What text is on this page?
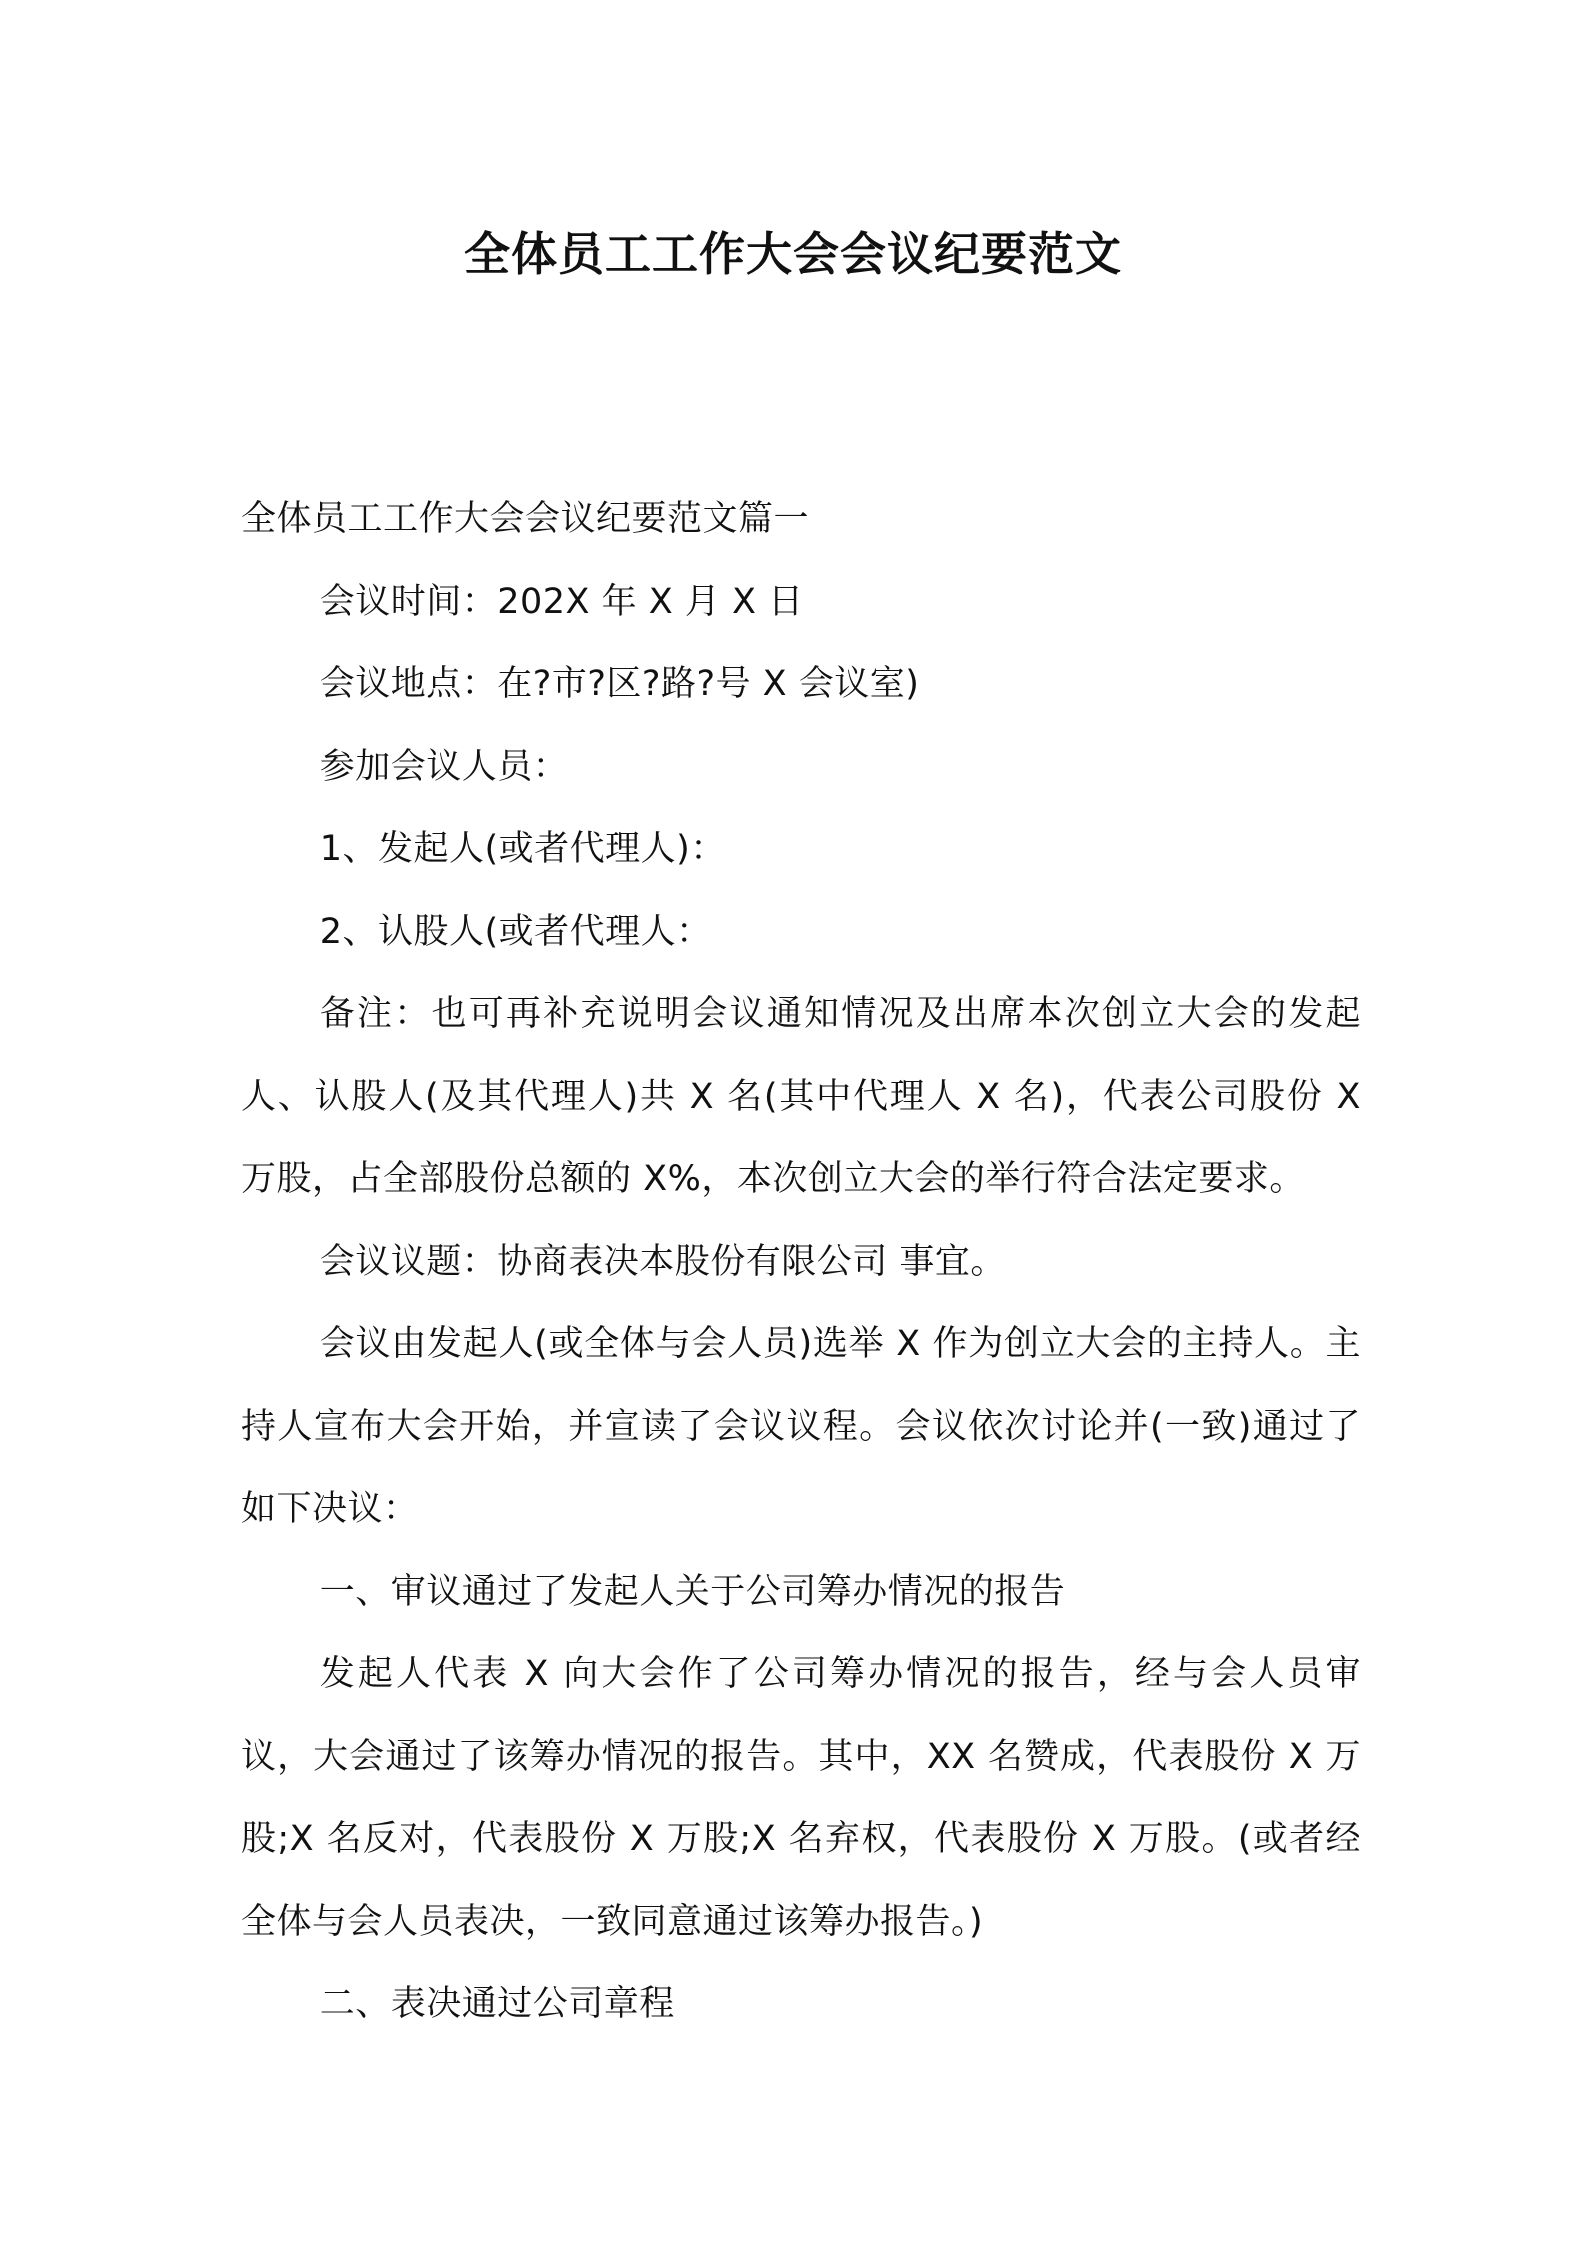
全体员工工作大会会议纪要范文

全体员工工作大会会议纪要范文篇一

会议时间：202X 年 X 月 X 日

会议地点：在?市?区?路?号 X 会议室)

参加会议人员：

1、发起人(或者代理人)：

2、认股人(或者代理人：

备注：也可再补充说明会议通知情况及出席本次创立大会的发起人、认股人(及其代理人)共 X 名(其中代理人 X 名)，代表公司股份 X 万股，占全部股份总额的 X%，本次创立大会的举行符合法定要求。

会议议题：协商表决本股份有限公司 事宜。

会议由发起人(或全体与会人员)选举 X 作为创立大会的主持人。主持人宣布大会开始，并宣读了会议议程。会议依次讨论并(一致)通过了如下决议：

一、审议通过了发起人关于公司筹办情况的报告

发起人代表 X 向大会作了公司筹办情况的报告，经与会人员审议，大会通过了该筹办情况的报告。其中，XX 名赞成，代表股份 X 万股;X 名反对，代表股份 X 万股;X 名弃权，代表股份 X 万股。(或者经全体与会人员表决，一致同意通过该筹办报告。)

二、表决通过公司章程
